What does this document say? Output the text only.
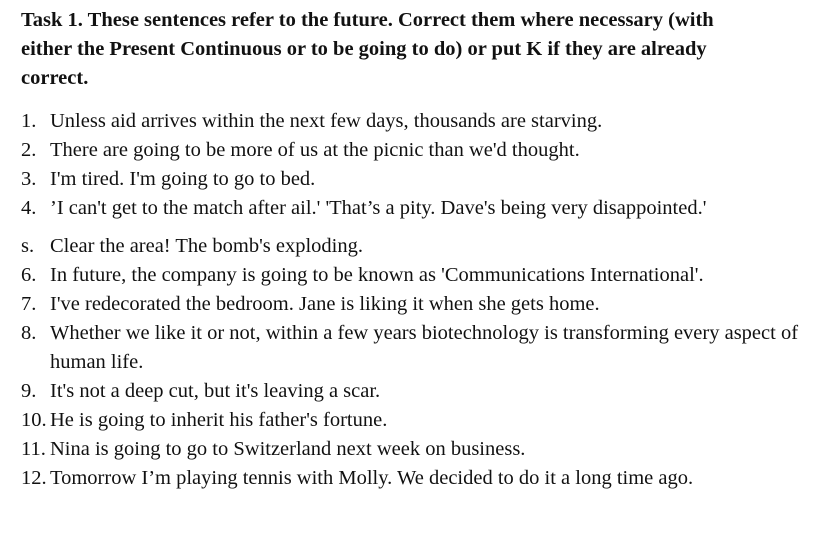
Task 1. These sentences refer to the future. Correct them where necessary (with
either the Present Continuous or to be going to do) or put K if they are already
correct.

1. Unless aid arrives within the next few days, thousands are starving.
2. There are going to be more of us at the picnic than we'd thought.
3. I'm tired. I'm going to go to bed.
4. ’I can't get to the match after ail.' 'That’s a pity. Dave's being very disappointed.'
s. Clear the area! The bomb's exploding.
6. In future, the company is going to be known as 'Communications International'.
7. I've redecorated the bedroom. Jane is liking it when she gets home.
8. Whether we like it or not, within a few years biotechnology is transforming every aspect of human life.
9. It's not a deep cut, but it's leaving a scar.
10. He is going to inherit his father's fortune.
11. Nina is going to go to Switzerland next week on business.
12. Tomorrow I’m playing tennis with Molly. We decided to do it a long time ago.
